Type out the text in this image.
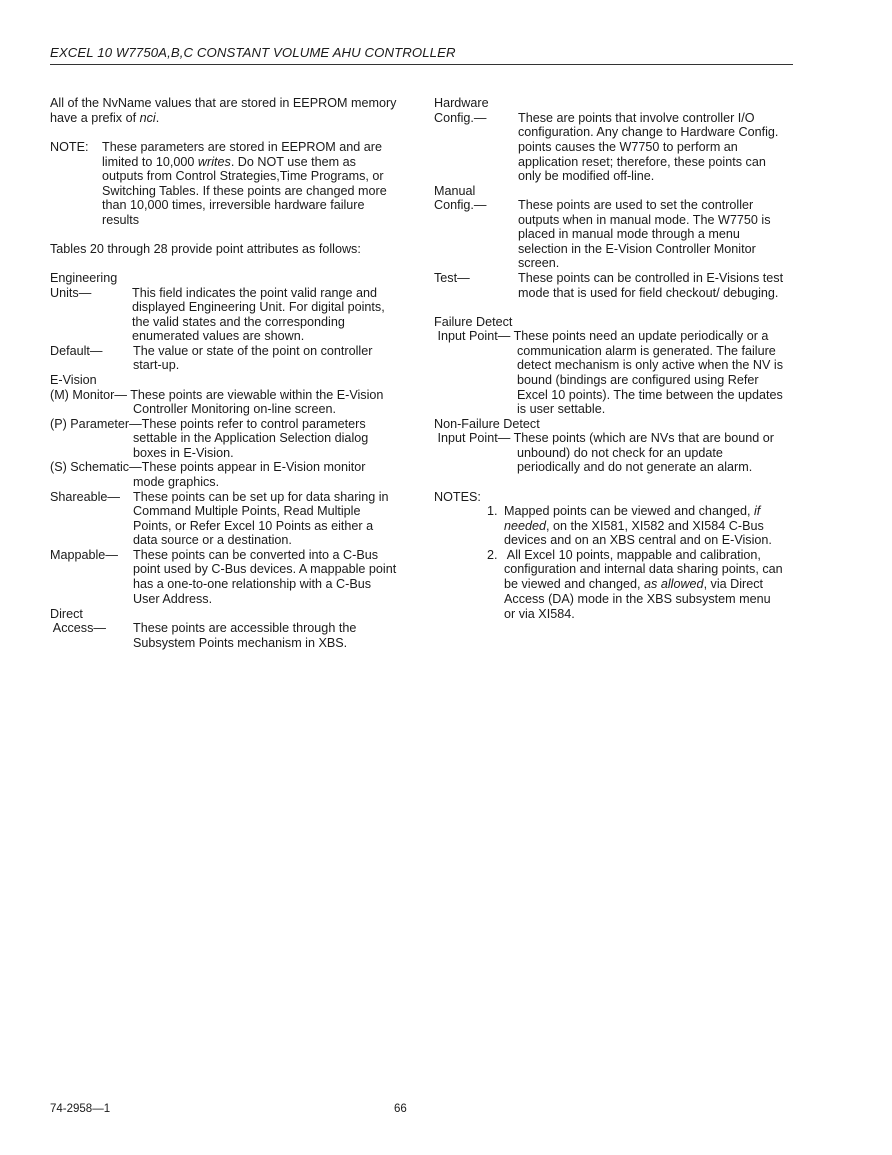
EXCEL 10 W7750A,B,C CONSTANT VOLUME AHU CONTROLLER
All of the NvName values that are stored in EEPROM memory
have a prefix of nci.
NOTE: These parameters are stored in EEPROM and are
limited to 10,000 writes. Do NOT use them as
outputs from Control Strategies,Time Programs, or
Switching Tables. If these points are changed more
than 10,000 times, irreversible hardware failure
results
Tables 20 through 28 provide point attributes as follows:
Engineering
Units—	This field indicates the point valid range and
displayed Engineering Unit. For digital points,
the valid states and the corresponding
enumerated values are shown.
Default— The value or state of the point on controller
start-up.
E-Vision
(M) Monitor— These points are viewable within the E-Vision
Controller Monitoring on-line screen.
(P) Parameter—These points refer to control parameters
settable in the Application Selection dialog
boxes in E-Vision.
(S) Schematic—These points appear in E-Vision monitor
mode graphics.
Shareable— These points can be set up for data sharing in
Command Multiple Points, Read Multiple
Points, or Refer Excel 10 Points as either a
data source or a destination.
Mappable— These points can be converted into a C-Bus
point used by C-Bus devices. A mappable point
has a one-to-one relationship with a C-Bus
User Address.
Direct
Access— These points are accessible through the
Subsystem Points mechanism in XBS.
Hardware
Config.—	These are points that involve controller I/O
configuration. Any change to Hardware Config.
points causes the W7750 to perform an
application reset; therefore, these points can
only be modified off-line.
Manual
Config.—	These points are used to set the controller
outputs when in manual mode. The W7750 is
placed in manual mode through a menu
selection in the E-Vision Controller Monitor
screen.
Test—	These points can be controlled in E-Visions test
mode that is used for field checkout/ debuging.
Failure Detect
Input Point— These points need an update periodically or a
communication alarm is generated. The failure
detect mechanism is only active when the NV is
bound (bindings are configured using Refer
Excel 10 points). The time between the updates
is user settable.
Non-Failure Detect
Input Point— These points (which are NVs that are bound or
unbound) do not check for an update
periodically and do not generate an alarm.
NOTES:
1. Mapped points can be viewed and changed, if
needed, on the XI581, XI582 and XI584 C-Bus
devices and on an XBS central and on E-Vision.
2. All Excel 10 points, mappable and calibration,
configuration and internal data sharing points, can
be viewed and changed, as allowed, via Direct
Access (DA) mode in the XBS subsystem menu
or via XI584.
74-2958—1	66
